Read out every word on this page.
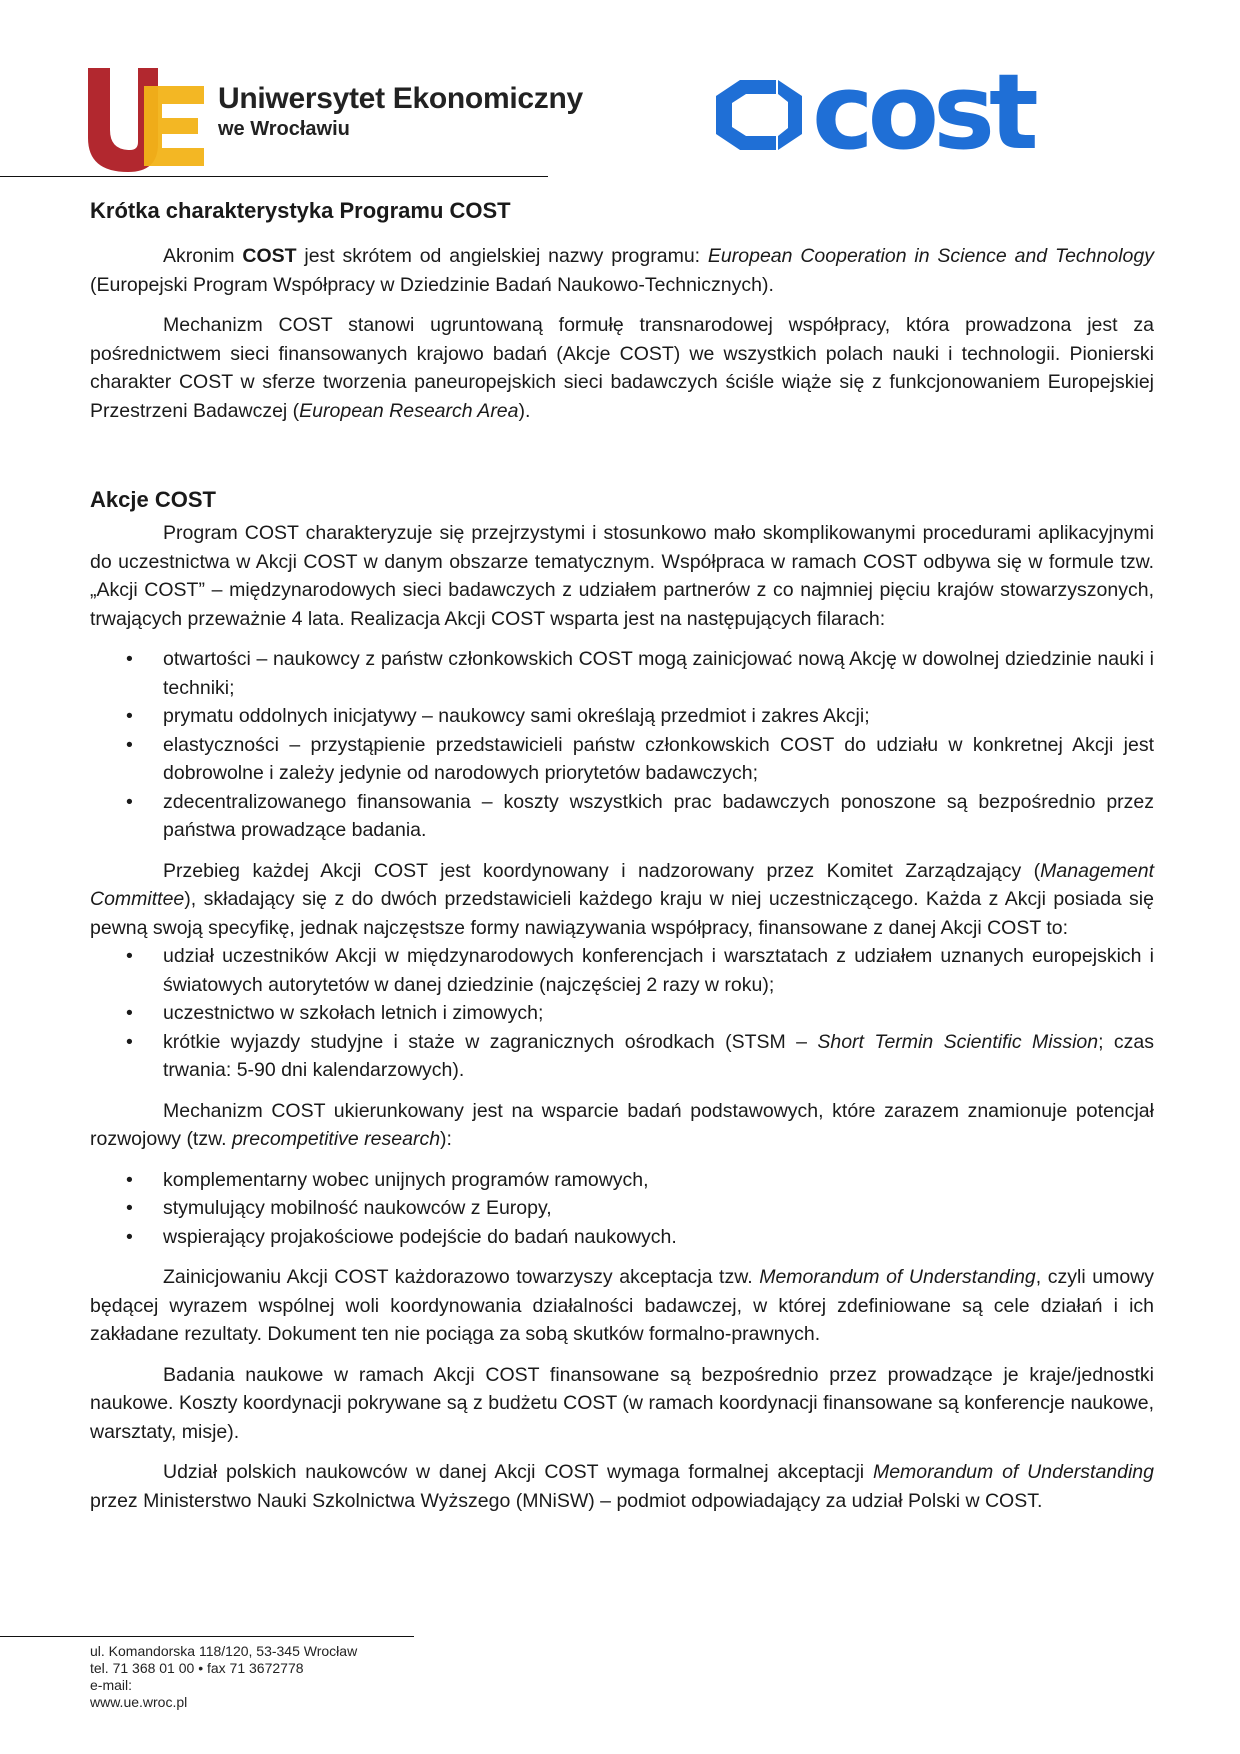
Uniwersytet Ekonomiczny
we Wrocławiu	cost
Krótka charakterystyka Programu COST

Akronim COST jest skrótem od angielskiej nazwy programu: European Cooperation in Science and Technology (Europejski Program Współpracy w Dziedzinie Badań Naukowo-Technicznych).

Mechanizm COST stanowi ugruntowaną formułę transnarodowej współpracy, która prowadzona jest za pośrednictwem sieci finansowanych krajowo badań (Akcje COST) we wszystkich polach nauki i technologii. Pionierski charakter COST w sferze tworzenia paneuropejskich sieci badawczych ściśle wiąże się z funkcjonowaniem Europejskiej Przestrzeni Badawczej (European Research Area).

Akcje COST

Program COST charakteryzuje się przejrzystymi i stosunkowo mało skomplikowanymi procedurami aplikacyjnymi do uczestnictwa w Akcji COST w danym obszarze tematycznym. Współpraca w ramach COST odbywa się w formule tzw. „Akcji COST” – międzynarodowych sieci badawczych z udziałem partnerów z co najmniej pięciu krajów stowarzyszonych, trwających przeważnie 4 lata. Realizacja Akcji COST wsparta jest na następujących filarach:

• otwartości – naukowcy z państw członkowskich COST mogą zainicjować nową Akcję w dowolnej dziedzinie nauki i techniki;
• prymatu oddolnych inicjatywy – naukowcy sami określają przedmiot i zakres Akcji;
• elastyczności – przystąpienie przedstawicieli państw członkowskich COST do udziału w konkretnej Akcji jest dobrowolne i zależy jedynie od narodowych priorytetów badawczych;
• zdecentralizowanego finansowania – koszty wszystkich prac badawczych ponoszone są bezpośrednio przez państwa prowadzące badania.

Przebieg każdej Akcji COST jest koordynowany i nadzorowany przez Komitet Zarządzający (Management Committee), składający się z do dwóch przedstawicieli każdego kraju w niej uczestniczącego. Każda z Akcji posiada się pewną swoją specyfikę, jednak najczęstsze formy nawiązywania współpracy, finansowane z danej Akcji COST to:

• udział uczestników Akcji w międzynarodowych konferencjach i warsztatach z udziałem uznanych europejskich i światowych autorytetów w danej dziedzinie (najczęściej 2 razy w roku);
• uczestnictwo w szkołach letnich i zimowych;
• krótkie wyjazdy studyjne i staże w zagranicznych ośrodkach (STSM – Short Termin Scientific Mission; czas trwania: 5-90 dni kalendarzowych).

Mechanizm COST ukierunkowany jest na wsparcie badań podstawowych, które zarazem znamionuje potencjał rozwojowy (tzw. precompetitive research):

• komplementarny wobec unijnych programów ramowych,
• stymulujący mobilność naukowców z Europy,
• wspierający projakościowe podejście do badań naukowych.

Zainicjowaniu Akcji COST każdorazowo towarzyszy akceptacja tzw. Memorandum of Understanding, czyli umowy będącej wyrazem wspólnej woli koordynowania działalności badawczej, w której zdefiniowane są cele działań i ich zakładane rezultaty. Dokument ten nie pociąga za sobą skutków formalno-prawnych.

Badania naukowe w ramach Akcji COST finansowane są bezpośrednio przez prowadzące je kraje/jednostki naukowe. Koszty koordynacji pokrywane są z budżetu COST (w ramach koordynacji finansowane są konferencje naukowe, warsztaty, misje).

Udział polskich naukowców w danej Akcji COST wymaga formalnej akceptacji Memorandum of Understanding przez Ministerstwo Nauki Szkolnictwa Wyższego (MNiSW) – podmiot odpowiadający za udział Polski w COST.

ul. Komandorska 118/120, 53-345 Wrocław
tel. 71 368 01 00 • fax 71 3672778
e-mail:
www.ue.wroc.pl
